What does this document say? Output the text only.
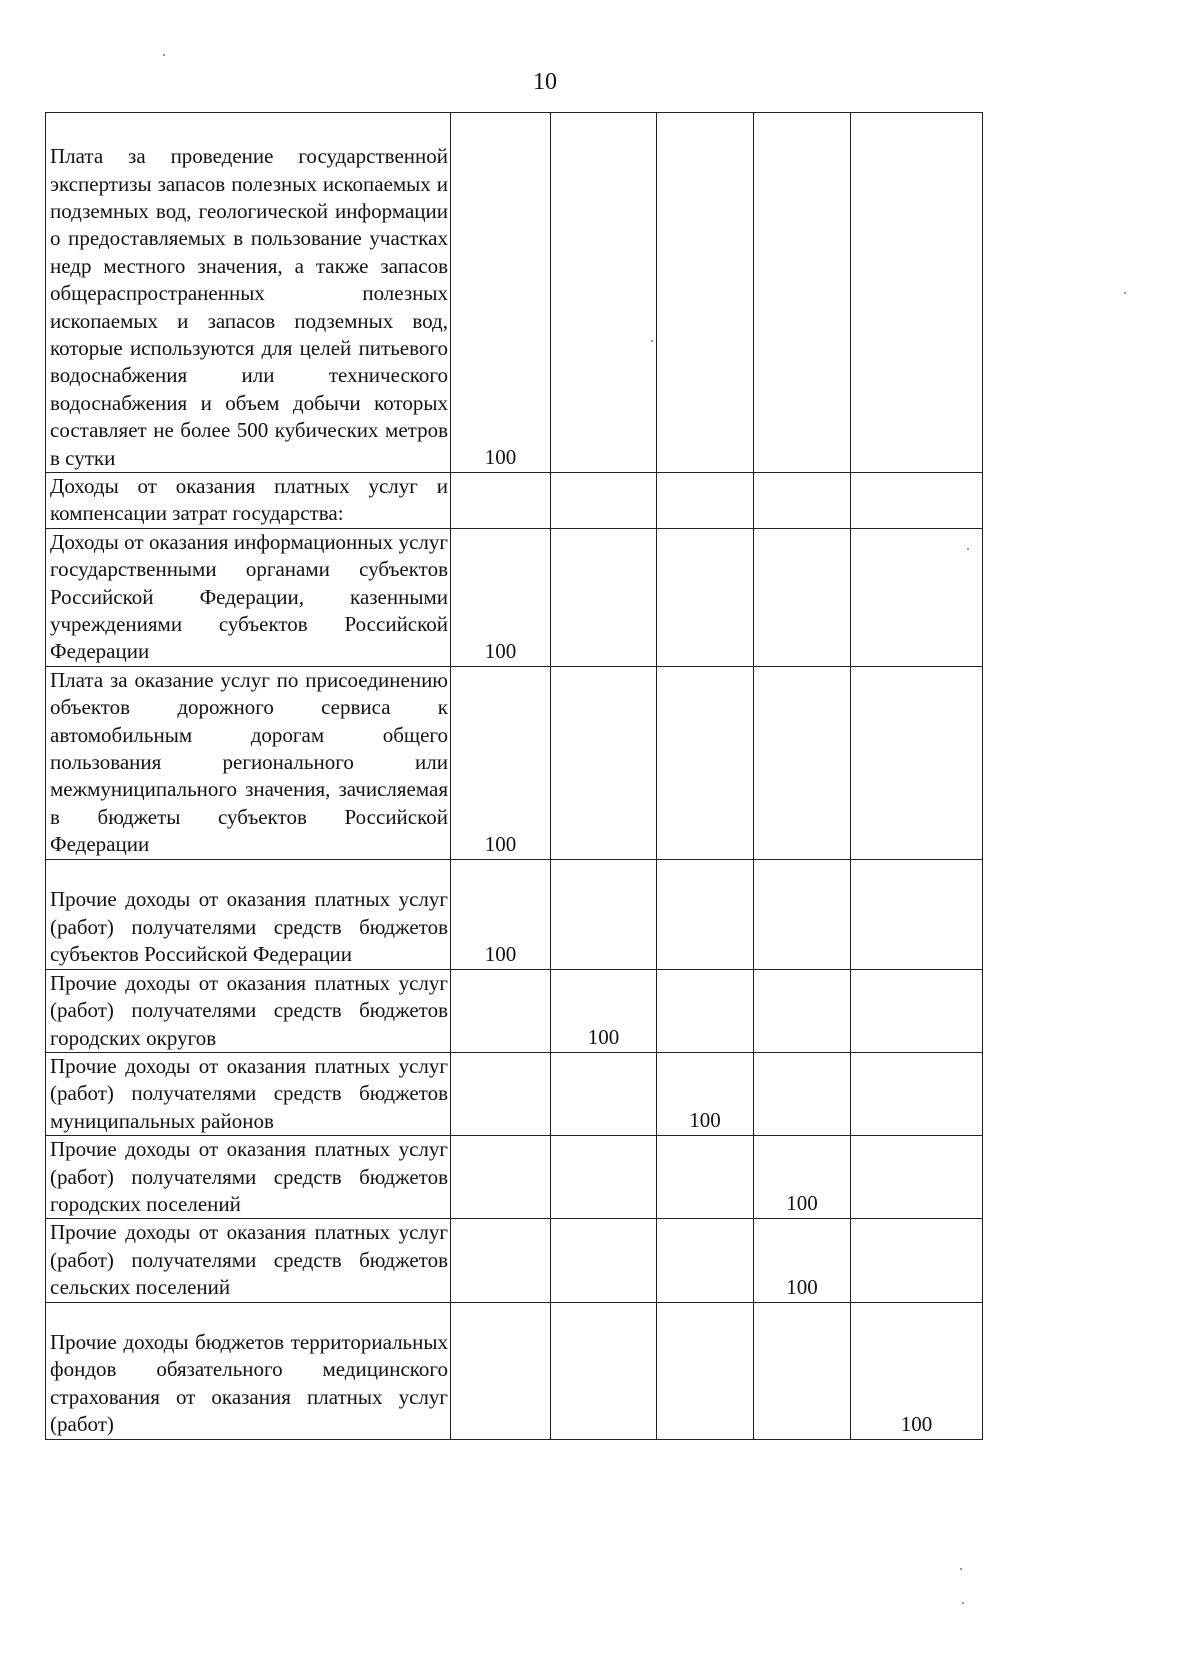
10
Плата за проведение государственной экспертизы запасов полезных ископаемых и подземных вод, геологической информации о предоставляемых в пользование участках недр местного значения, а также запасов общераспространенных полезных ископаемых и запасов подземных вод, которые используются для целей питьевого водоснабжения или технического водоснабжения и объем добычи которых составляет не более 500 кубических метров в сутки	100				
Доходы от оказания платных услуг и компенсации затрат государства:					
Доходы от оказания информационных услуг государственными органами субъектов Российской Федерации, казенными учреждениями субъектов Российской Федерации	100				
Плата за оказание услуг по присоединению объектов дорожного сервиса к автомобильным дорогам общего пользования регионального или межмуниципального значения, зачисляемая в бюджеты субъектов Российской Федерации	100				
Прочие доходы от оказания платных услуг (работ) получателями средств бюджетов субъектов Российской Федерации	100				
Прочие доходы от оказания платных услуг (работ) получателями средств бюджетов городских округов		100			
Прочие доходы от оказания платных услуг (работ) получателями средств бюджетов муниципальных районов			100		
Прочие доходы от оказания платных услуг (работ) получателями средств бюджетов городских поселений				100	
Прочие доходы от оказания платных услуг (работ) получателями средств бюджетов сельских поселений				100	
Прочие доходы бюджетов территориальных фондов обязательного медицинского страхования от оказания платных услуг (работ)					100
